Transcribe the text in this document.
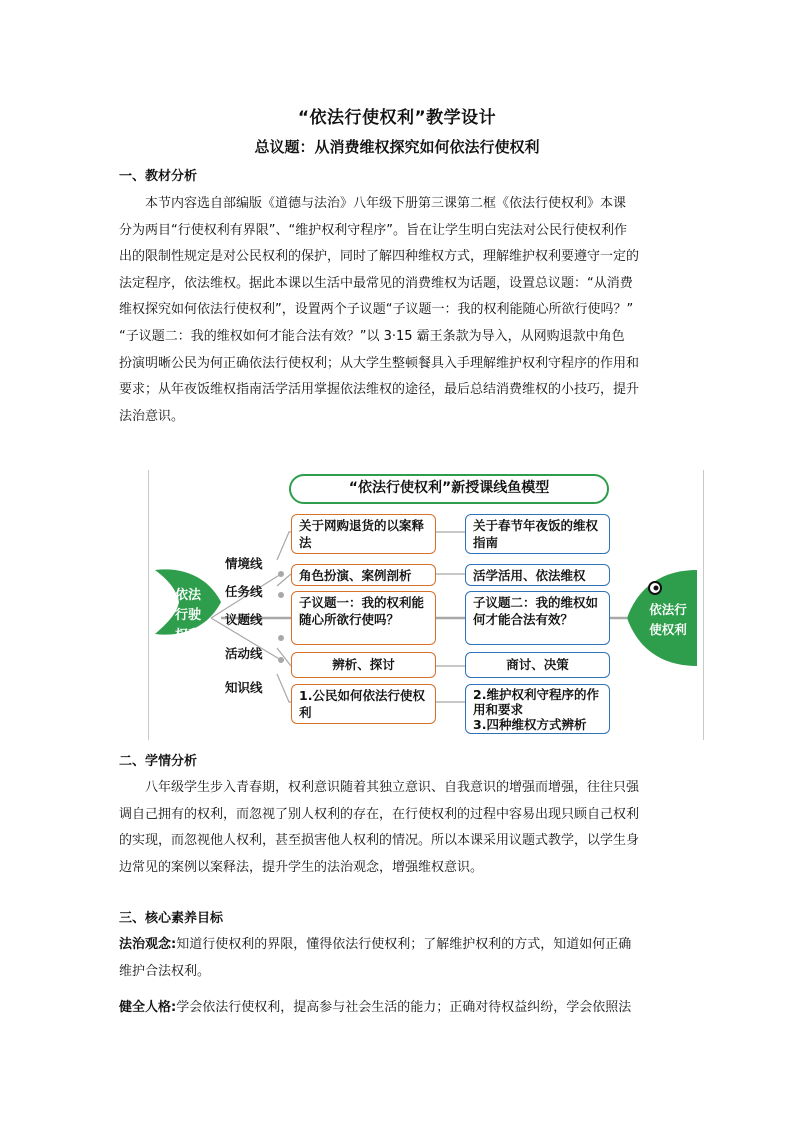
“依法行使权利”教学设计
总议题：从消费维权探究如何依法行使权利
一、教材分析

本节内容选自部编版《道德与法治》八年级下册第三课第二框《依法行使权利》本课
分为两目“行使权利有界限”、“维护权利守程序”。旨在让学生明白宪法对公民行使权利作
出的限制性规定是对公民权利的保护，同时了解四种维权方式，理解维护权利要遵守一定的
法定程序，依法维权。据此本课以生活中最常见的消费维权为话题，设置总议题：“从消费
维权探究如何依法行使权利”，设置两个子议题“子议题一：我的权利能随心所欲行使吗？”
“子议题二：我的维权如何才能合法有效？”以 3·15 霸王条款为导入，从网购退款中角色
扮演明晰公民为何正确依法行使权利；从大学生整顿餐具入手理解维护权利守程序的作用和
要求；从年夜饭维权指南活学活用掌握依法维权的途径，最后总结消费维权的小技巧，提升
法治意识。

“依法行使权利”新授课线鱼模型
依法
行驶
权利
依法行
使权利
情境线
任务线
议题线
活动线
知识线
关于网购退货的以案释法
角色扮演、案例剖析
子议题一：我的权利能随心所欲行使吗？
辨析、探讨
1.公民如何依法行使权利
关于春节年夜饭的维权指南
活学活用、依法维权
子议题二：我的维权如何才能合法有效？
商讨、决策
2.维护权利守程序的作用和要求
3.四种维权方式辨析
二、学情分析

八年级学生步入青春期，权利意识随着其独立意识、自我意识的增强而增强，往往只强
调自己拥有的权利，而忽视了别人权利的存在，在行使权利的过程中容易出现只顾自己权利
的实现，而忽视他人权利，甚至损害他人权利的情况。所以本课采用议题式教学，以学生身
边常见的案例以案释法，提升学生的法治观念，增强维权意识。

三、核心素养目标

法治观念:知道行使权利的界限，懂得依法行使权利；了解维护权利的方式，知道如何正确
维护合法权利。

健全人格:学会依法行使权利，提高参与社会生活的能力；正确对待权益纠纷，学会依照法
